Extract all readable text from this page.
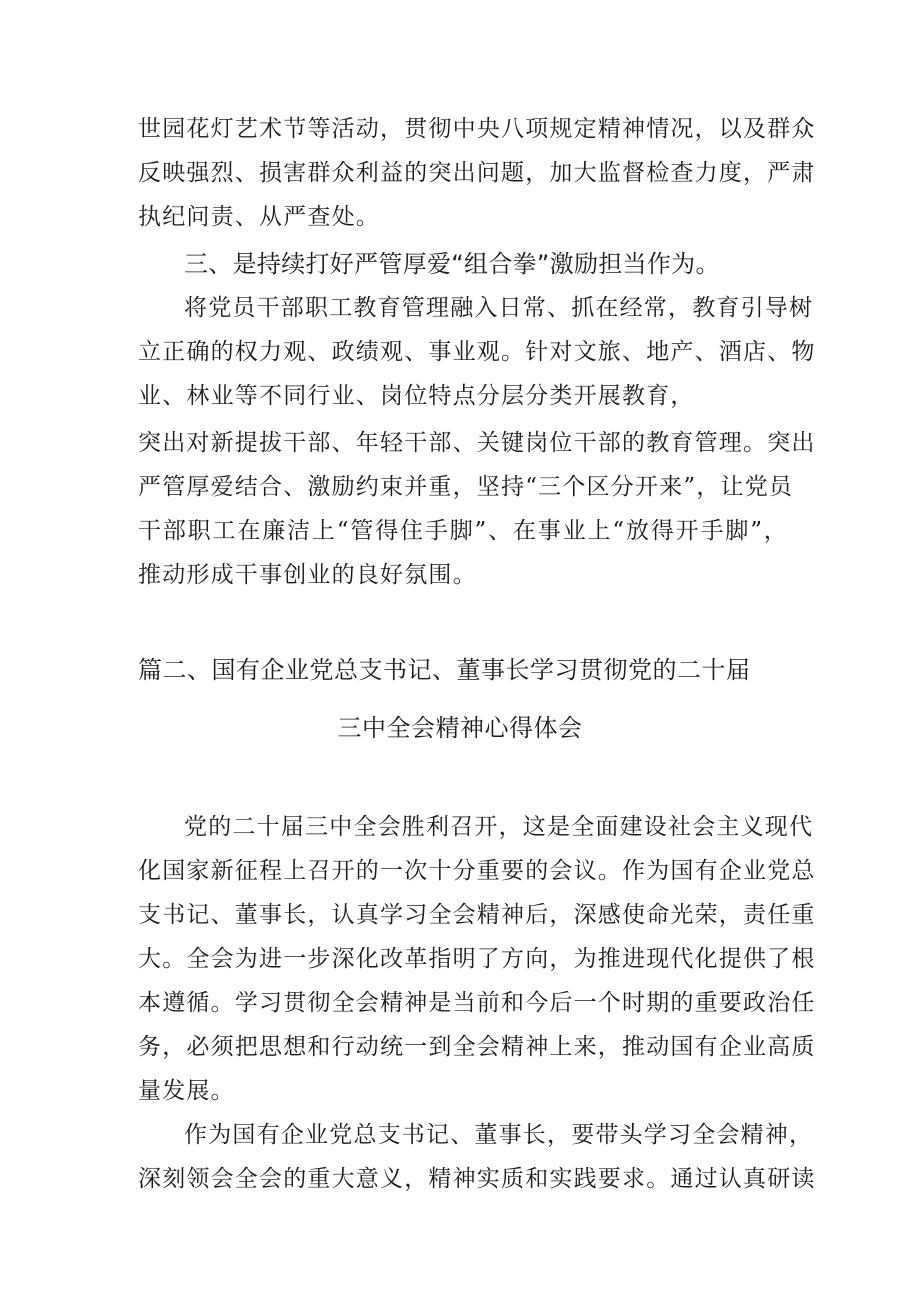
世园花灯艺术节等活动，贯彻中央八项规定精神情况，以及群众
反映强烈、损害群众利益的突出问题，加大监督检查力度，严肃
执纪问责、从严查处。
三、是持续打好严管厚爱“组合拳”激励担当作为。
将党员干部职工教育管理融入日常、抓在经常，教育引导树
立正确的权力观、政绩观、事业观。针对文旅、地产、酒店、物
业、林业等不同行业、岗位特点分层分类开展教育，
突出对新提拔干部、年轻干部、关键岗位干部的教育管理。突出
严管厚爱结合、激励约束并重，坚持“三个区分开来”，让党员
干部职工在廉洁上“管得住手脚”、在事业上“放得开手脚”，
推动形成干事创业的良好氛围。
篇二、国有企业党总支书记、董事长学习贯彻党的二十届
三中全会精神心得体会
党的二十届三中全会胜利召开，这是全面建设社会主义现代
化国家新征程上召开的一次十分重要的会议。作为国有企业党总
支书记、董事长，认真学习全会精神后，深感使命光荣，责任重
大。全会为进一步深化改革指明了方向，为推进现代化提供了根
本遵循。学习贯彻全会精神是当前和今后一个时期的重要政治任
务，必须把思想和行动统一到全会精神上来，推动国有企业高质
量发展。
作为国有企业党总支书记、董事长，要带头学习全会精神，
深刻领会全会的重大意义，精神实质和实践要求。通过认真研读
